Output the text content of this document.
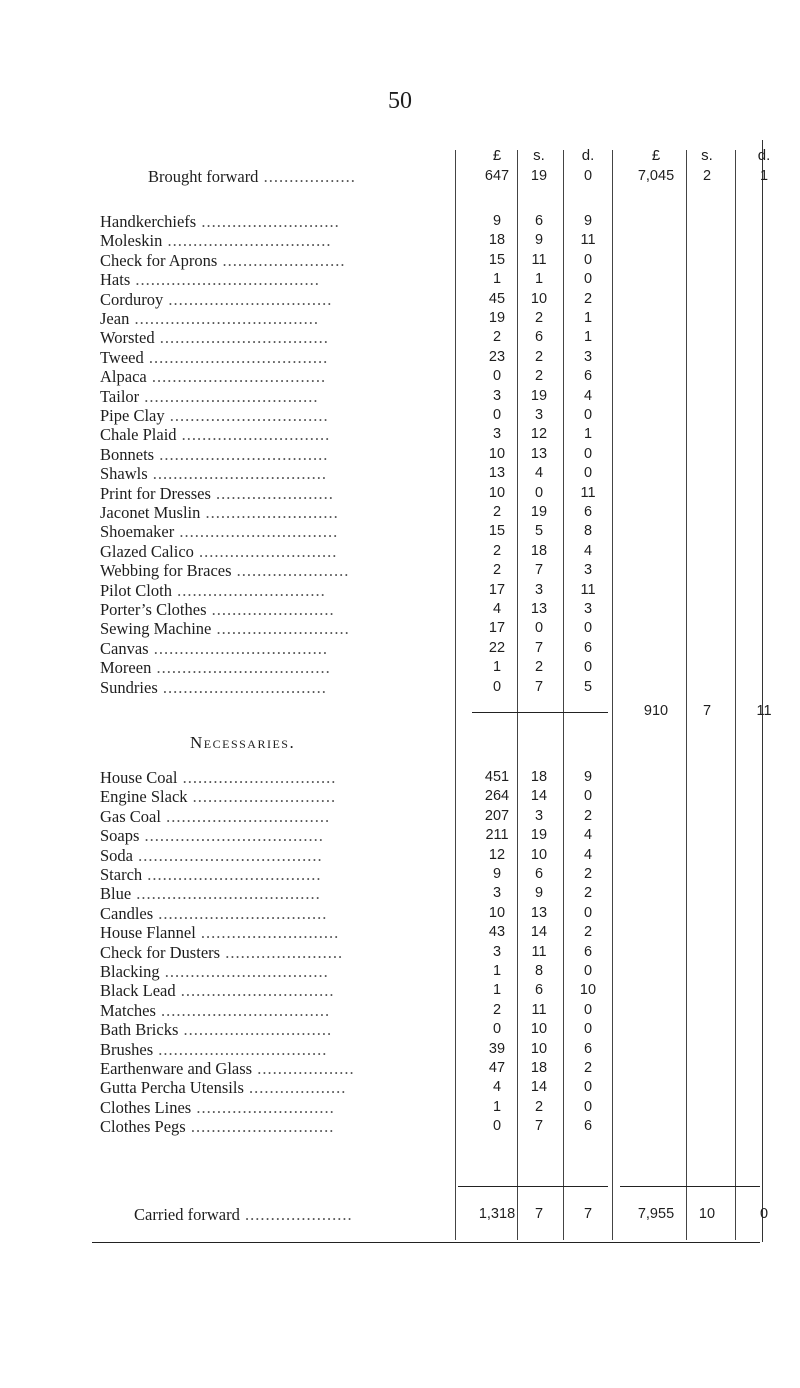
50
£	s.	d.	£	s.	d.
Brought forward ..................	647	19	0	7,045	2	1
Handkerchiefs ...........................	9	6	9
Moleskin ................................	18	9	11
Check for Aprons ........................	15	11	0
Hats ....................................	1	1	0
Corduroy ................................	45	10	2
Jean ....................................	19	2	1
Worsted .................................	2	6	1
Tweed ...................................	23	2	3
Alpaca ..................................	0	2	6
Tailor ..................................	3	19	4
Pipe Clay ...............................	0	3	0
Chale Plaid .............................	3	12	1
Bonnets .................................	10	13	0
Shawls ..................................	13	4	0
Print for Dresses .......................	10	0	11
Jaconet Muslin ..........................	2	19	6
Shoemaker ...............................	15	5	8
Glazed Calico ...........................	2	18	4
Webbing for Braces ......................	2	7	3
Pilot Cloth .............................	17	3	11
Porter’s Clothes ........................	4	13	3
Sewing Machine ..........................	17	0	0
Canvas ..................................	22	7	6
Moreen ..................................	1	2	0
Sundries ................................	0	7	5
910	7	11
Necessaries.
House Coal ..............................	451	18	9
Engine Slack ............................	264	14	0
Gas Coal ................................	207	3	2
Soaps ...................................	211	19	4
Soda ....................................	12	10	4
Starch ..................................	9	6	2
Blue ....................................	3	9	2
Candles .................................	10	13	0
House Flannel ...........................	43	14	2
Check for Dusters .......................	3	11	6
Blacking ................................	1	8	0
Black Lead ..............................	1	6	10
Matches .................................	2	11	0
Bath Bricks .............................	0	10	0
Brushes .................................	39	10	6
Earthenware and Glass ...................	47	18	2
Gutta Percha Utensils ...................	4	14	0
Clothes Lines ...........................	1	2	0
Clothes Pegs ............................	0	7	6
Carried forward .....................	1,318	7	7	7,955	10	0
